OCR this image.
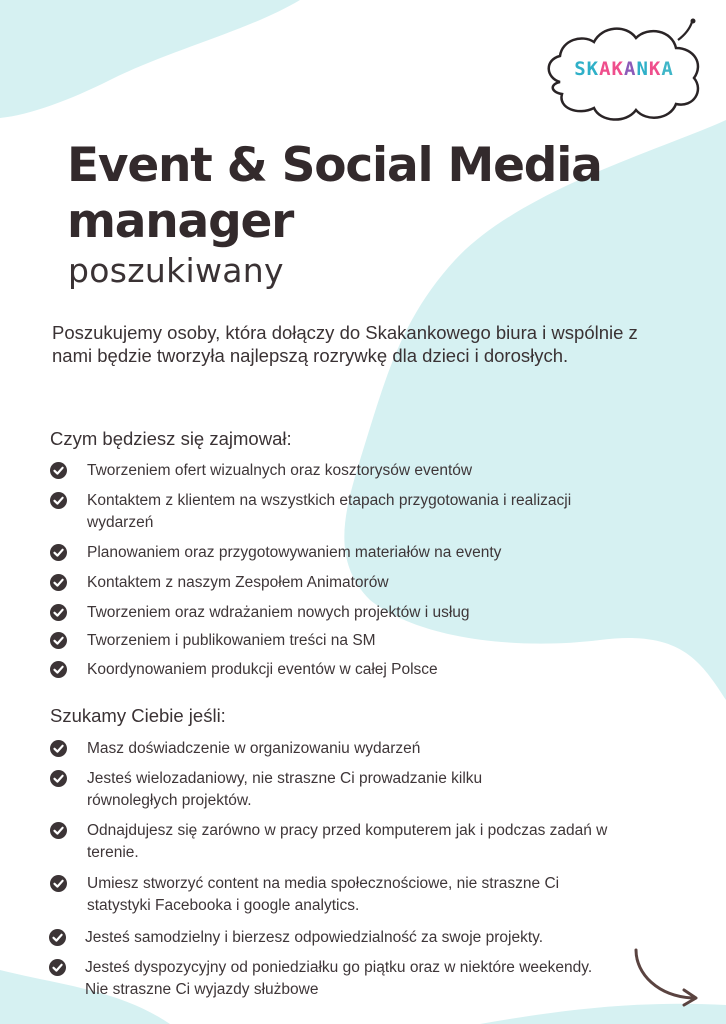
SKAKANKA
Event & Social Media
manager
poszukiwany
Poszukujemy osoby, która dołączy do Skakankowego biura i wspólnie z nami będzie tworzyła najlepszą rozrywkę dla dzieci i dorosłych.
Czym będziesz się zajmował:
Tworzeniem ofert wizualnych oraz kosztorysów eventów
Kontaktem z klientem na wszystkich etapach przygotowania i realizacji wydarzeń
Planowaniem oraz przygotowywaniem materiałów na eventy
Kontaktem z naszym Zespołem Animatorów
Tworzeniem oraz wdrażaniem nowych projektów i usług
Tworzeniem i publikowaniem treści na SM
Koordynowaniem produkcji eventów w całej Polsce
Szukamy Ciebie jeśli:
Masz doświadczenie w organizowaniu wydarzeń
Jesteś wielozadaniowy, nie straszne Ci prowadzanie kilku równoległych projektów.
Odnajdujesz się zarówno w pracy przed komputerem jak i podczas zadań w terenie.
Umiesz stworzyć content na media społecznościowe, nie straszne Ci statystyki Facebooka i google analytics.
Jesteś samodzielny i bierzesz odpowiedzialność za swoje projekty.
Jesteś dyspozycyjny od poniedziałku go piątku oraz w niektóre weekendy. Nie straszne Ci wyjazdy służbowe
